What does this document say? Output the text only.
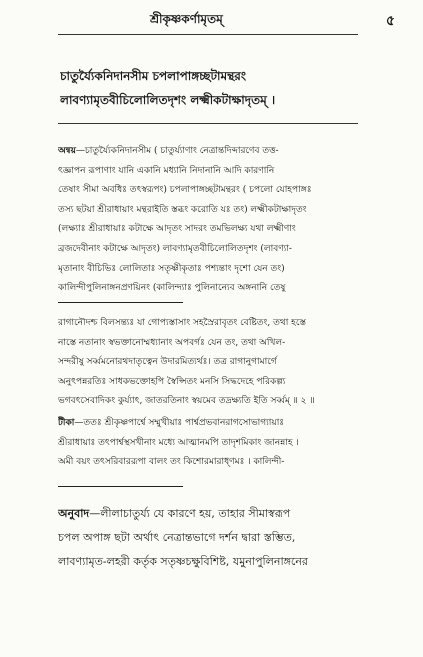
শ্রীকৃষ্ণকর্ণামৃতম্‌	৫
চাতুর্য্যৈকনিদানসীম চপলাপাঙ্গচ্ছটামন্থরং
লাবণ্যামৃতবীচিলোলিতদৃশং লক্ষ্মীকটাক্ষাদৃতম্‌ ।
অন্বয়—চাতুর্য্যৈকনিদানসীম ( চাতুর্য্যাণাং নেত্রান্তদিব্দারণেব তত্ত-
ৎজ্ঞাপন রূপাণাং যানি একানি মধ্যানি নিদানানি আদি কারণানি
তেষাং সীমা অবধিঃ তৎস্বরূপং) চপলাপাঙ্গচ্ছটামন্থরং ( চপলো যোহপাঙ্গঃ
তস্য ছটয়া শ্রীরাধায়াং মন্থরাইতি স্তব্ধং করোতি যঃ তং) লক্ষ্মীকটাক্ষাদৃতং
(লক্ষ্যাঃ শ্রীরাধায়াঃ কটাক্ষে আদৃতং সাদরং তমভিলক্ষ্য যথা লক্ষ্মীণাং
ব্রজদেবীনাং কটাক্ষে আদৃতং) লাবণ্যামৃতবীচিলোলিতদৃশং (লাবণ্যা-
মৃতানাং বীচিভিঃ লোলিতাঃ সতৃষ্ণীকৃতাঃ পশ্যন্তাং দৃশো যেন তং)
কালিন্দীপুলিনাঙ্গনপ্রণয়িনং (কালিন্দ্যাঃ পুলিনান্যেব অঙ্গনানি তেষু
রাগানৌদশ্চ বিলসন্ত্যঃ যা গোপ্যস্তাসাং সহস্ৰৈরাবৃতং বেষ্টিতং, তথা হস্তে
নাস্তে নতানাং স্বভক্তানোম্মধ্যানাং অপবর্গঃ যেন তং, তথা অখিল-
সন্দরীষু সর্ব্বমনোরথদাতৃত্বেন উদারমিত্যর্থঃ। তত্র রাগানুগামার্গে
অনুৎপন্নরতিঃ সাধকভক্তোহপি স্বৈপ্সিতং মনসি সিদ্ধদেহে পরিকল্প্য
ভগবৎসেবাদিকং কুর্য্যাৎ, জাতরতিনাং স্বয়মেব তদ্রক্ষ্যতি ইতি সর্ব্বম্‌ ॥ ২ ॥
টীকা—ততঃ শ্রীকৃষ্ণপার্শ্বে সম্মুখীয়াঃ পার্শ্বপ্রভবানরাগসোভাগ্যায়াঃ
শ্রীরাধায়াঃ তৎপার্শ্বস্থসখীনাং মধ্যে আত্মানমপি তাদৃশমিকাং জানন্নাহ ।
অমী বয়ং তৎসরিবাররূপা বালং তং কিশোরমারাধ্ণমঃ । কালিন্দী-
অনুবাদ—লীলাচাতুর্য্য যে কারণে হয়, তাহার সীমাস্বরূপ
চপল অপাঙ্গ ছটা অর্থাৎ নেত্রান্তভাগে দর্শন দ্বারা স্তম্ভিত,
লাবণ্যামৃত-লহরী কর্তৃক সতৃষ্ণচক্ষুবিশিষ্ট, যমুনাপুলিনাঙ্গনের
